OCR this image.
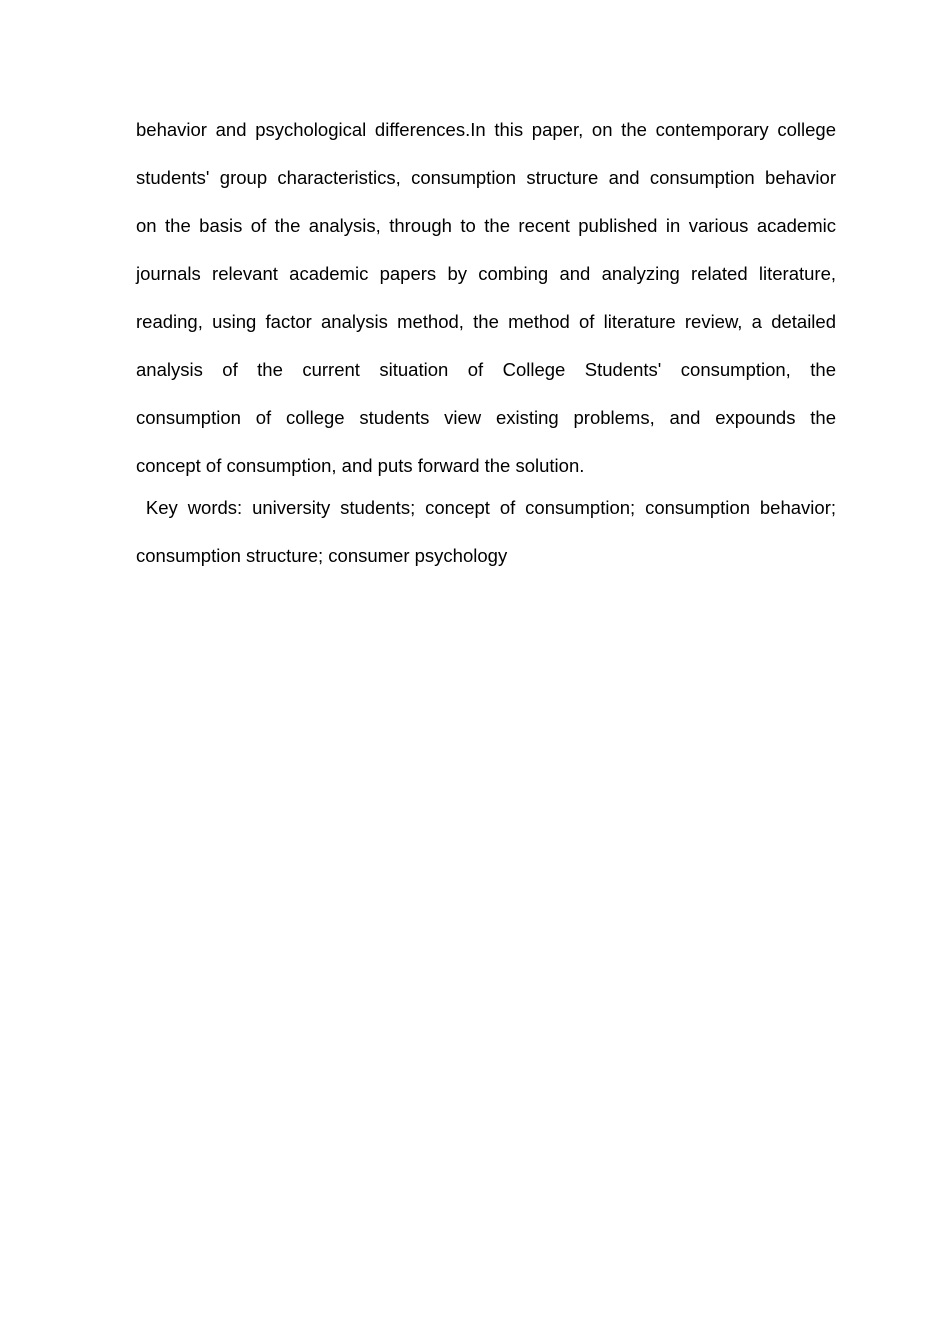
behavior and psychological differences.In this paper, on the contemporary college
students' group characteristics, consumption structure and consumption behavior
on the basis of the analysis, through to the recent published in various academic
journals relevant academic papers by combing and analyzing related literature,
reading, using factor analysis method, the method of literature review, a detailed
analysis of the current situation of College Students' consumption, the
consumption of college students view existing problems, and expounds the
concept of consumption, and puts forward the solution.
Key words: university students; concept of consumption; consumption behavior;
consumption structure; consumer psychology
